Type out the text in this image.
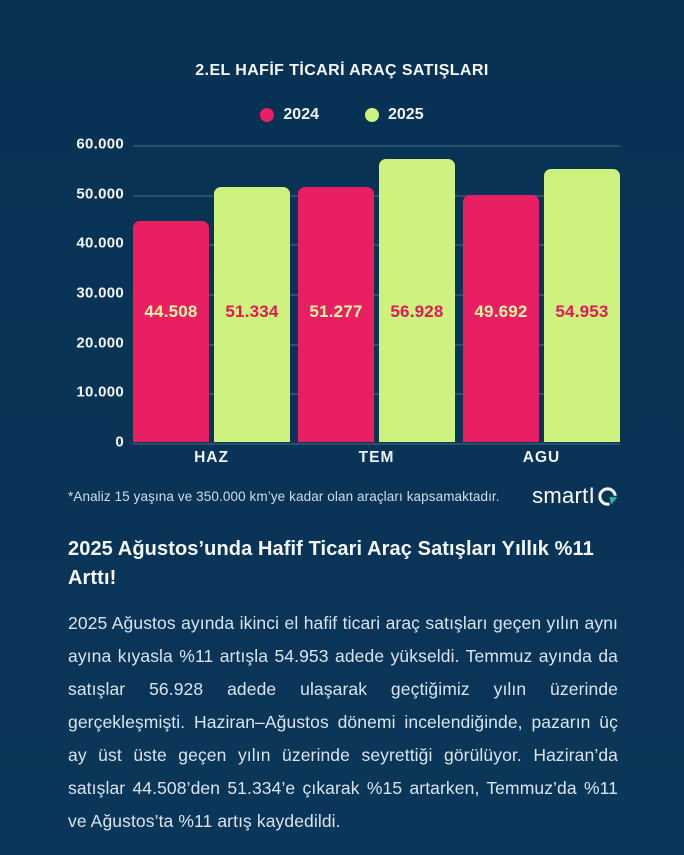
2.EL HAFİF TİCARİ ARAÇ SATIŞLARI
2024	2025
60.000
50.000
40.000
30.000
20.000
10.000
0
44.508	51.334	51.277	56.928	49.692	54.953
HAZ	TEM	AGU
*Analiz 15 yaşına ve 350.000 km’ye kadar olan araçları kapsamaktadır. smartI
2025 Ağustos’unda Hafif Ticari Araç Satışları Yıllık %11 Arttı!

2025 Ağustos ayında ikinci el hafif ticari araç satışları geçen yılın aynı ayına kıyasla %11 artışla 54.953 adede yükseldi. Temmuz ayında da satışlar 56.928 adede ulaşarak geçtiğimiz yılın üzerinde gerçekleşmişti. Haziran–Ağustos dönemi incelendiğinde, pazarın üç ay üst üste geçen yılın üzerinde seyrettiği görülüyor. Haziran’da satışlar 44.508’den 51.334’e çıkarak %15 artarken, Temmuz’da %11 ve Ağustos’ta %11 artış kaydedildi.
